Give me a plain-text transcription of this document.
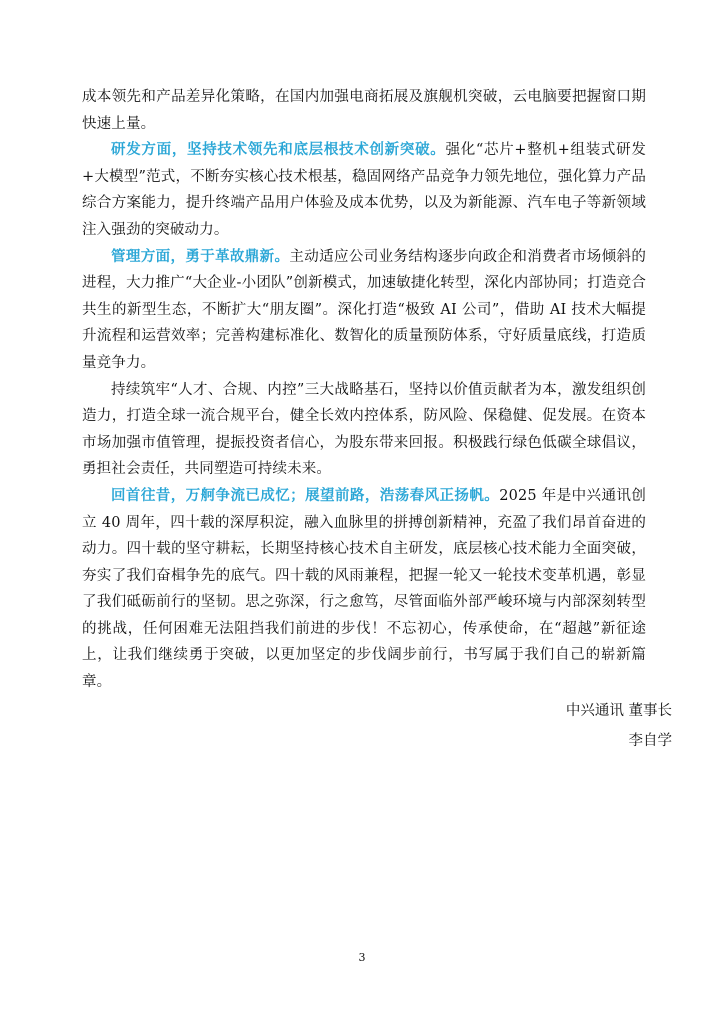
成本领先和产品差异化策略，在国内加强电商拓展及旗舰机突破，云电脑要把握窗口期快速上量。

研发方面，坚持技术领先和底层根技术创新突破。强化“芯片+整机+组装式研发+大模型”范式，不断夯实核心技术根基，稳固网络产品竞争力领先地位，强化算力产品综合方案能力，提升终端产品用户体验及成本优势，以及为新能源、汽车电子等新领域注入强劲的突破动力。

管理方面，勇于革故鼎新。主动适应公司业务结构逐步向政企和消费者市场倾斜的进程，大力推广“大企业-小团队”创新模式，加速敏捷化转型，深化内部协同；打造竞合共生的新型生态，不断扩大“朋友圈”。深化打造“极致 AI 公司”，借助 AI 技术大幅提升流程和运营效率；完善构建标准化、数智化的质量预防体系，守好质量底线，打造质量竞争力。

持续筑牢“人才、合规、内控”三大战略基石，坚持以价值贡献者为本，激发组织创造力，打造全球一流合规平台，健全长效内控体系，防风险、保稳健、促发展。在资本市场加强市值管理，提振投资者信心，为股东带来回报。积极践行绿色低碳全球倡议，勇担社会责任，共同塑造可持续未来。

回首往昔，万舸争流已成忆；展望前路，浩荡春风正扬帆。2025 年是中兴通讯创立 40 周年，四十载的深厚积淀，融入血脉里的拼搏创新精神，充盈了我们昂首奋进的动力。四十载的坚守耕耘，长期坚持核心技术自主研发，底层核心技术能力全面突破，夯实了我们奋楫争先的底气。四十载的风雨兼程，把握一轮又一轮技术变革机遇，彰显了我们砥砺前行的坚韧。思之弥深，行之愈笃，尽管面临外部严峻环境与内部深刻转型的挑战，任何困难无法阻挡我们前进的步伐！不忘初心，传承使命，在“超越”新征途上，让我们继续勇于突破，以更加坚定的步伐阔步前行，书写属于我们自己的崭新篇章。

中兴通讯 董事长
李自学
3
